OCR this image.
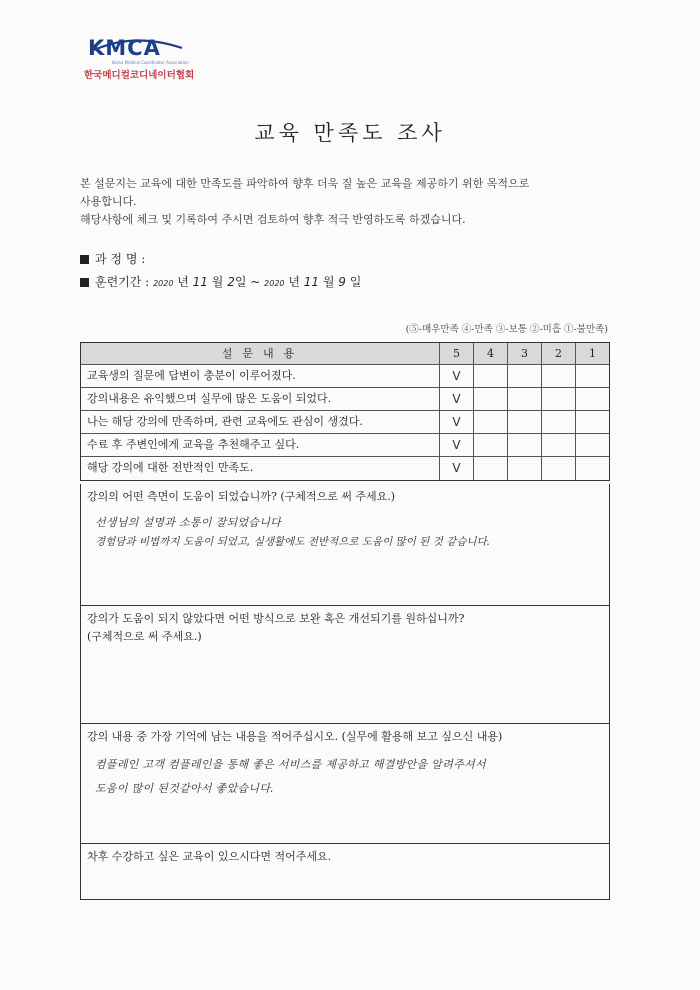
KMCA
Korea Medical Coordinator Association
한국메디컬코디네이터협회
교육 만족도 조사
본 설문지는 교육에 대한 만족도를 파악하여 향후 더욱 질 높은 교육을 제공하기 위한 목적으로
사용합니다.
해당사항에 체크 및 기록하여 주시면 검토하여 향후 적극 반영하도록 하겠습니다.
과 정 명 :
훈련기간 : 2020 년 11 월 2일 ~ 2020 년 11 월 9 일
(⑤-매우만족 ④-만족 ③-보통 ②-미흡 ①-불만족)
설문내용	5	4	3	2	1
교육생의 질문에 답변이 충분이 이루어졌다.	V
강의내용은 유익했으며 실무에 많은 도움이 되었다.	V
나는 해당 강의에 만족하며, 관련 교육에도 관심이 생겼다.	V
수료 후 주변인에게 교육을 추천해주고 싶다.	V
해당 강의에 대한 전반적인 만족도.	V
강의의 어떤 측면이 도움이 되었습니까? (구체적으로 써 주세요.)
선생님의 설명과 소통이 잘되었습니다
경험담과 비법까지 도움이 되었고, 실생활에도 전반적으로 도움이 많이 된 것 같습니다.
강의가 도움이 되지 않았다면 어떤 방식으로 보완 혹은 개선되기를 원하십니까?
(구체적으로 써 주세요.)
강의 내용 중 가장 기억에 남는 내용을 적어주십시오. (실무에 활용해 보고 싶으신 내용)
컴플레인 고객 컴플레인을 통해 좋은 서비스를 제공하고 해결방안을 알려주셔서
도움이 많이 된것같아서 좋았습니다.
차후 수강하고 싶은 교육이 있으시다면 적어주세요.
